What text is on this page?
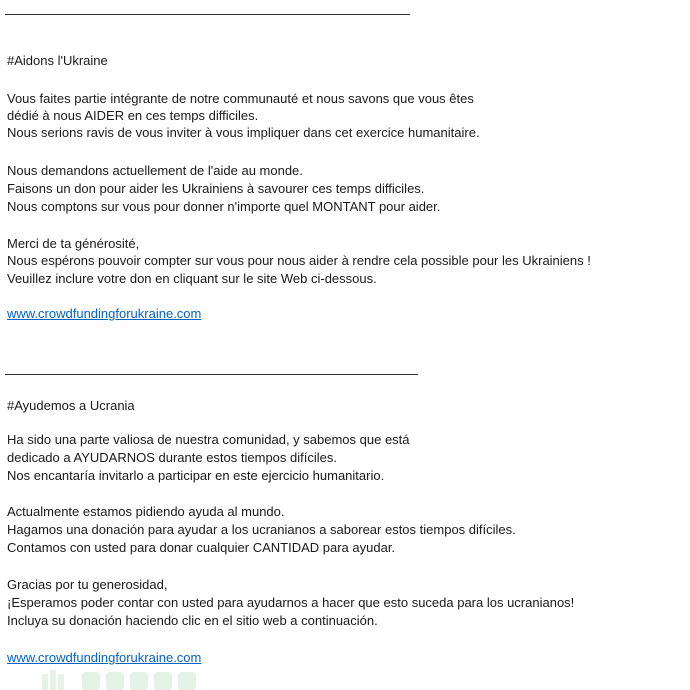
#Aidons l'Ukraine
Vous faites partie intégrante de notre communauté et nous savons que vous êtes
dédié à nous AIDER en ces temps difficiles.
Nous serions ravis de vous inviter à vous impliquer dans cet exercice humanitaire.
Nous demandons actuellement de l'aide au monde.
Faisons un don pour aider les Ukrainiens à savourer ces temps difficiles.
Nous comptons sur vous pour donner n'importe quel MONTANT pour aider.
Merci de ta générosité,
Nous espérons pouvoir compter sur vous pour nous aider à rendre cela possible pour les Ukrainiens !
Veuillez inclure votre don en cliquant sur le site Web ci-dessous.
www.crowdfundingforukraine.com
#Ayudemos a Ucrania
Ha sido una parte valiosa de nuestra comunidad, y sabemos que está
dedicado a AYUDARNOS durante estos tiempos difíciles.
Nos encantaría invitarlo a participar en este ejercicio humanitario.
Actualmente estamos pidiendo ayuda al mundo.
Hagamos una donación para ayudar a los ucranianos a saborear estos tiempos difíciles.
Contamos con usted para donar cualquier CANTIDAD para ayudar.
Gracias por tu generosidad,
¡Esperamos poder contar con usted para ayudarnos a hacer que esto suceda para los ucranianos!
Incluya su donación haciendo clic en el sitio web a continuación.
www.crowdfundingforukraine.com
